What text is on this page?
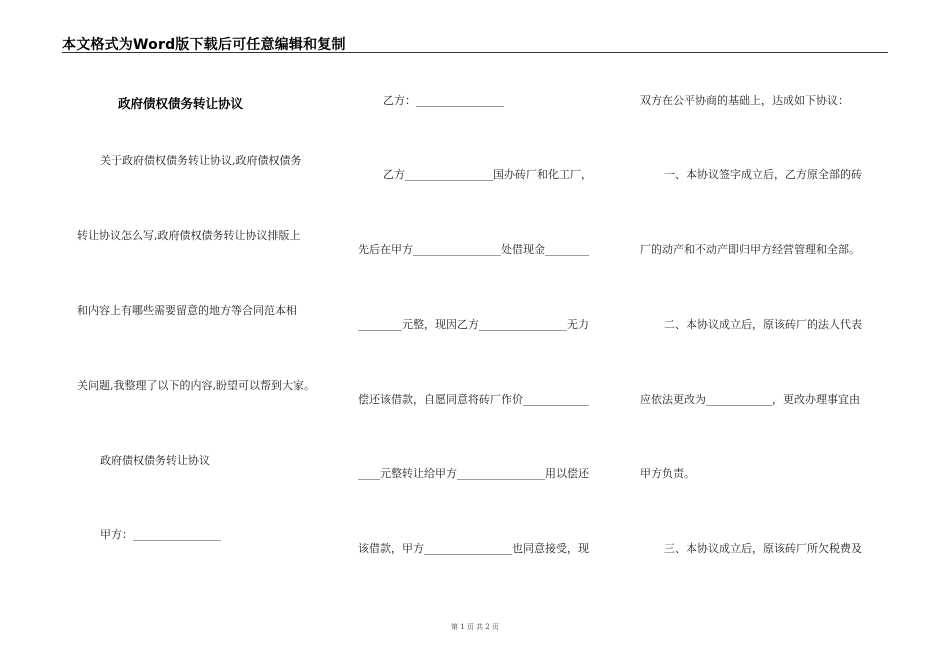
本文格式为Word版下载后可任意编辑和复制
政府债权债务转让协议
关于政府债权债务转让协议,政府债权债务
转让协议怎么写,政府债权债务转让协议排版上
和内容上有哪些需要留意的地方等合同范本相
关问题,我整理了以下的内容,盼望可以帮到大家。
政府债权债务转让协议
甲方：________________
乙方：________________
乙方________________国办砖厂和化工厂，
先后在甲方________________处借现金________
________元整，现因乙方________________无力
偿还该借款，自愿同意将砖厂作价____________
____元整转让给甲方________________用以偿还
该借款，甲方________________也同意接受，现
双方在公平协商的基础上，达成如下协议：
一、本协议签字成立后，乙方原全部的砖
厂的动产和不动产即归甲方经营管理和全部。
二、本协议成立后，原该砖厂的法人代表
应依法更改为____________，更改办理事宜由
甲方负责。
三、本协议成立后，原该砖厂所欠税费及
第 1 页 共 2 页
